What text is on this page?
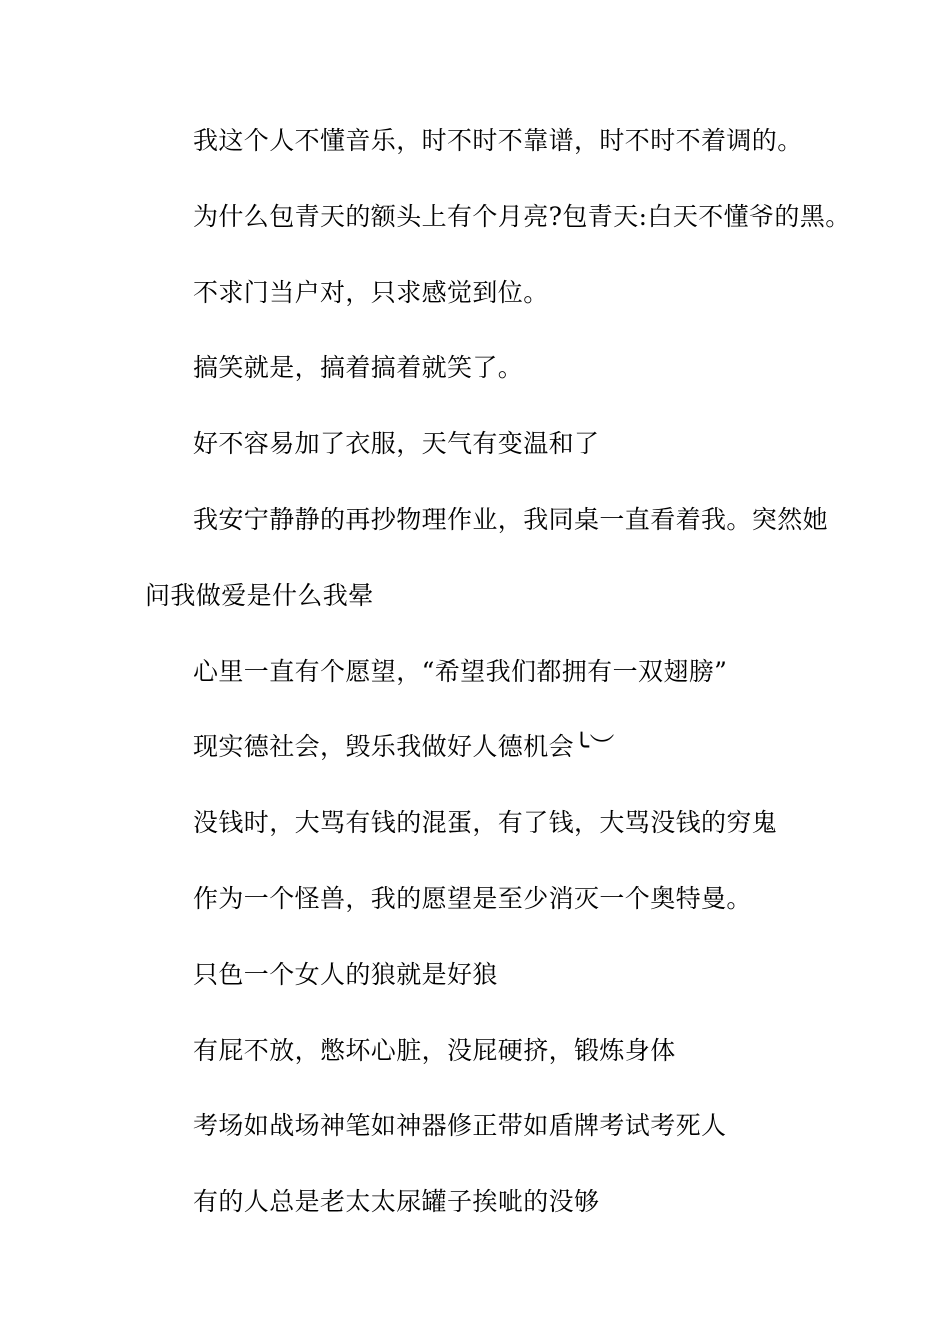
我这个人不懂音乐，时不时不靠谱，时不时不着调的。

为什么包青天的额头上有个月亮?包青天:白天不懂爷的黑。

不求门当户对，只求感觉到位。

搞笑就是，搞着搞着就笑了。

好不容易加了衣服，天气有变温和了

我安宁静静的再抄物理作业，我同桌一直看着我。突然她

问我做爱是什么我晕

心里一直有个愿望，“希望我们都拥有一双翅膀”

现实德社会，毁乐我做好人德机会╰︶

没钱时，大骂有钱的混蛋，有了钱，大骂没钱的穷鬼

作为一个怪兽，我的愿望是至少消灭一个奥特曼。

只色一个女人的狼就是好狼

有屁不放，憋坏心脏，没屁硬挤，锻炼身体

考场如战场神笔如神器修正带如盾牌考试考死人

有的人总是老太太尿罐子挨呲的没够
